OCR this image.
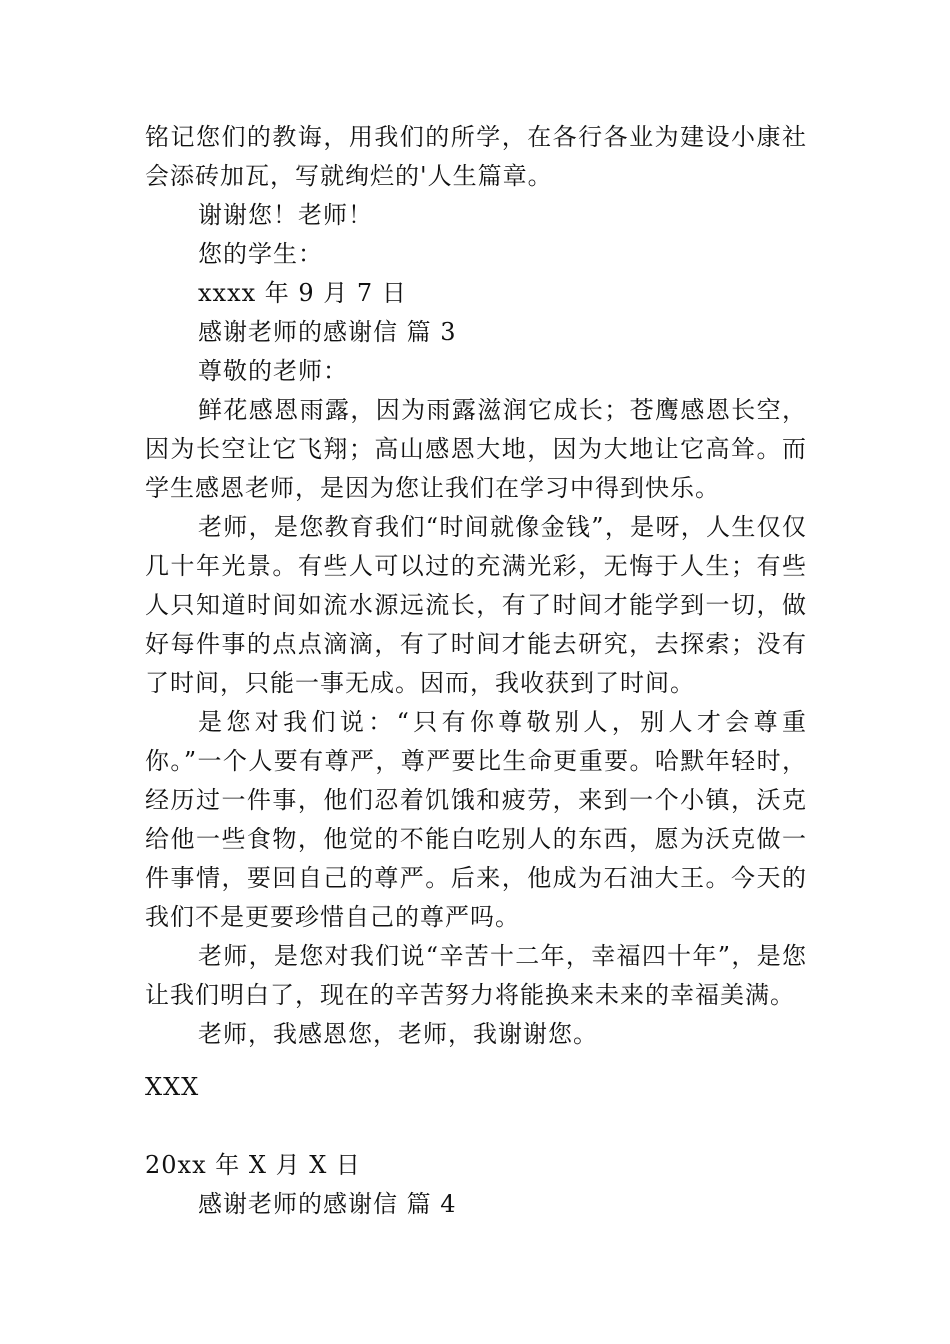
铭记您们的教诲，用我们的所学，在各行各业为建设小康社会添砖加瓦，写就绚烂的'人生篇章。

谢谢您！老师！
您的学生：
xxxx 年 9 月 7 日
感谢老师的感谢信 篇 3
尊敬的老师：

鲜花感恩雨露，因为雨露滋润它成长；苍鹰感恩长空，因为长空让它飞翔；高山感恩大地，因为大地让它高耸。而学生感恩老师，是因为您让我们在学习中得到快乐。

老师，是您教育我们“时间就像金钱”，是呀，人生仅仅几十年光景。有些人可以过的充满光彩，无悔于人生；有些人只知道时间如流水源远流长，有了时间才能学到一切，做好每件事的点点滴滴，有了时间才能去研究，去探索；没有了时间，只能一事无成。因而，我收获到了时间。

是您对我们说：“只有你尊敬别人，别人才会尊重你。”一个人要有尊严，尊严要比生命更重要。哈默年轻时，经历过一件事，他们忍着饥饿和疲劳，来到一个小镇，沃克给他一些食物，他觉的不能白吃别人的东西，愿为沃克做一件事情，要回自己的尊严。后来，他成为石油大王。今天的我们不是更要珍惜自己的尊严吗。

老师，是您对我们说“辛苦十二年，幸福四十年”，是您让我们明白了，现在的辛苦努力将能换来未来的幸福美满。

老师，我感恩您，老师，我谢谢您。
XXX
20xx 年 X 月 X 日
感谢老师的感谢信 篇 4
